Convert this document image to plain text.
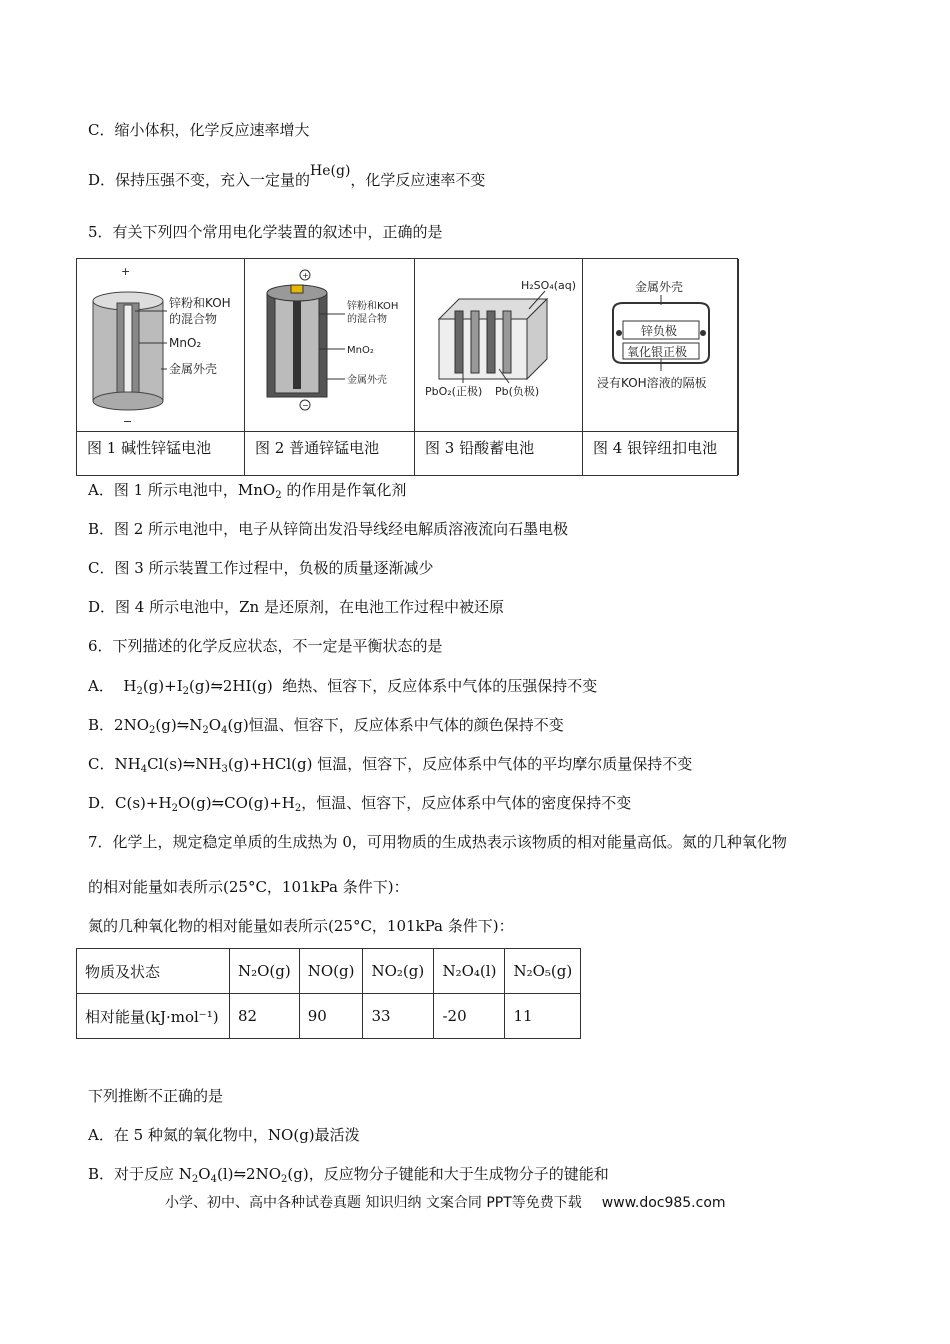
C．缩小体积，化学反应速率增大
D．保持压强不变，充入一定量的He(g)，化学反应速率不变
5．有关下列四个常用电化学装置的叙述中，正确的是
+
−
锌粉和KOH
的混合物
MnO₂
金属外壳
图 1 碱性锌锰电池
+
−
锌粉和KOH
的混合物
MnO₂
金属外壳
图 2 普通锌锰电池
H₂SO₄(aq)
PbO₂(正极) Pb(负极)
图 3 铅酸蓄电池
金属外壳
锌负极
氧化银正极
浸有KOH溶液的隔板
图 4 银锌纽扣电池
A．图 1 所示电池中，MnO$_2$ 的作用是作氧化剂
B．图 2 所示电池中，电子从锌筒出发沿导线经电解质溶液流向石墨电极
C．图 3 所示装置工作过程中，负极的质量逐渐减少
D．图 4 所示电池中，Zn 是还原剂，在电池工作过程中被还原
6．下列描述的化学反应状态，不一定是平衡状态的是
A．  $H_2(g)+I_2(g)⇋2HI(g)$  绝热、恒容下，反应体系中气体的压强保持不变
B．$2NO_2(g)⇋N_2O_4(g)$恒温、恒容下，反应体系中气体的颜色保持不变
C．$NH_4Cl(s)⇋NH_3(g)+HCl(g)$ 恒温，恒容下，反应体系中气体的平均摩尔质量保持不变
D．$C(s)+H_2O(g)⇋CO(g)+H_2$，恒温、恒容下，反应体系中气体的密度保持不变
7．化学上，规定稳定单质的生成热为 0，可用物质的生成热表示该物质的相对能量高低。氮的几种氧化物
的相对能量如表所示(25°C，101kPa 条件下)：
氮的几种氧化物的相对能量如表所示(25°C，101kPa 条件下)：
物质及状态	N₂O(g)	NO(g)	NO₂(g)	N₂O₄(l)	N₂O₅(g)
相对能量(kJ·mol⁻¹)	82	90	33	-20	11
下列推断不正确的是
A．在 5 种氮的氧化物中，NO(g)最活泼
B．对于反应 $N_2O_4(l)⇋2NO_2(g)$，反应物分子键能和大于生成物分子的键能和
小学、初中、高中各种试卷真题 知识归纳 文案合同 PPT等免费下载 www.doc985.com
